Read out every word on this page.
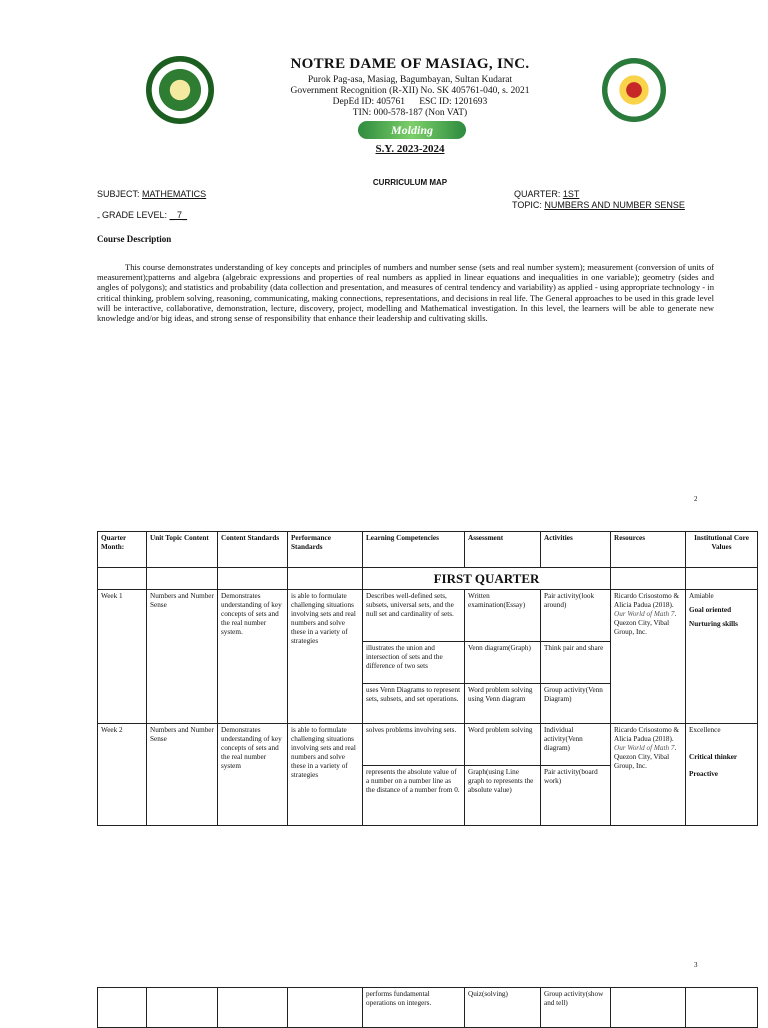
NOTRE DAME OF MASIAG, INC.
Purok Pag-asa, Masiag, Bagumbayan, Sultan Kudarat
Government Recognition (R-XII) No. SK 405761-040, s. 2021
DepEd ID: 405761      ESC ID: 1201693
TIN: 000-578-187 (Non VAT)
Molding
S.Y. 2023-2024
CURRICULUM MAP
SUBJECT: MATHEMATICS

GRADE LEVEL: _ 7_

QUARTER: 1ST
TOPIC: NUMBERS AND NUMBER SENSE
-
Course Description
This course demonstrates understanding of key concepts and principles of numbers and number sense (sets and real number system); measurement (conversion of units of measurement);patterns and algebra (algebraic expressions and properties of real numbers as applied in linear equations and inequalities in one variable); geometry (sides and angles of polygons); and statistics and probability (data collection and presentation, and measures of central tendency and variability) as applied - using appropriate technology - in critical thinking, problem solving, reasoning, communicating, making connections, representations, and decisions in real life. The General approaches to be used in this grade level will be interactive, collaborative, demonstration, lecture, discovery, project, modelling and Mathematical investigation. In this level, the learners will be able to generate new knowledge and/or big ideas, and strong sense of responsibility that enhance their leadership and cultivating skills.
2
Quarter Month:	Unit Topic Content	Content Standards	Performance Standards	Learning Competencies	Assessment	Activities	Resources	Institutional Core Values
				FIRST QUARTER				
Week 1	Numbers and Number Sense	Demonstrates understanding of key concepts of sets and the real number system.	is able to formulate challenging situations involving sets and real numbers and solve these in a variety of strategies	Describes well-defined sets, subsets, universal sets, and the null set and cardinality of sets.	Written examination(Essay)	Pair activity(look around)	Ricardo Crisostomo & Alicia Padua (2018). Our World of Math 7. Quezon City, Vibal Group, Inc.	Amiable
Goal oriented
Nurturing skills

				illustrates the union and intersection of sets and the difference of two sets	Venn diagram(Graph)	Think pair and share		
				uses Venn Diagrams to represent sets, subsets, and set operations.	Word problem solving using Venn diagram	Group activity(Venn Diagram)		
Week 2	Numbers and Number Sense	Demonstrates understanding of key concepts of sets and the real number system	is able to formulate challenging situations involving sets and real numbers and solve these in a variety of strategies	solves problems involving sets.	Word problem solving	Individual activity(Venn diagram)	Ricardo Crisostomo & Alicia Padua (2018). Our World of Math 7. Quezon City, Vibal Group, Inc.	Excellence
Critical thinker
Proactive

				represents the absolute value of a number on a number line as the distance of a number from 0.	Graph(using Line graph to represents the absolute value)	Pair activity(board work)		
3
				performs fundamental operations on integers.	Quiz(solving)	Group activity(show and tell)		
